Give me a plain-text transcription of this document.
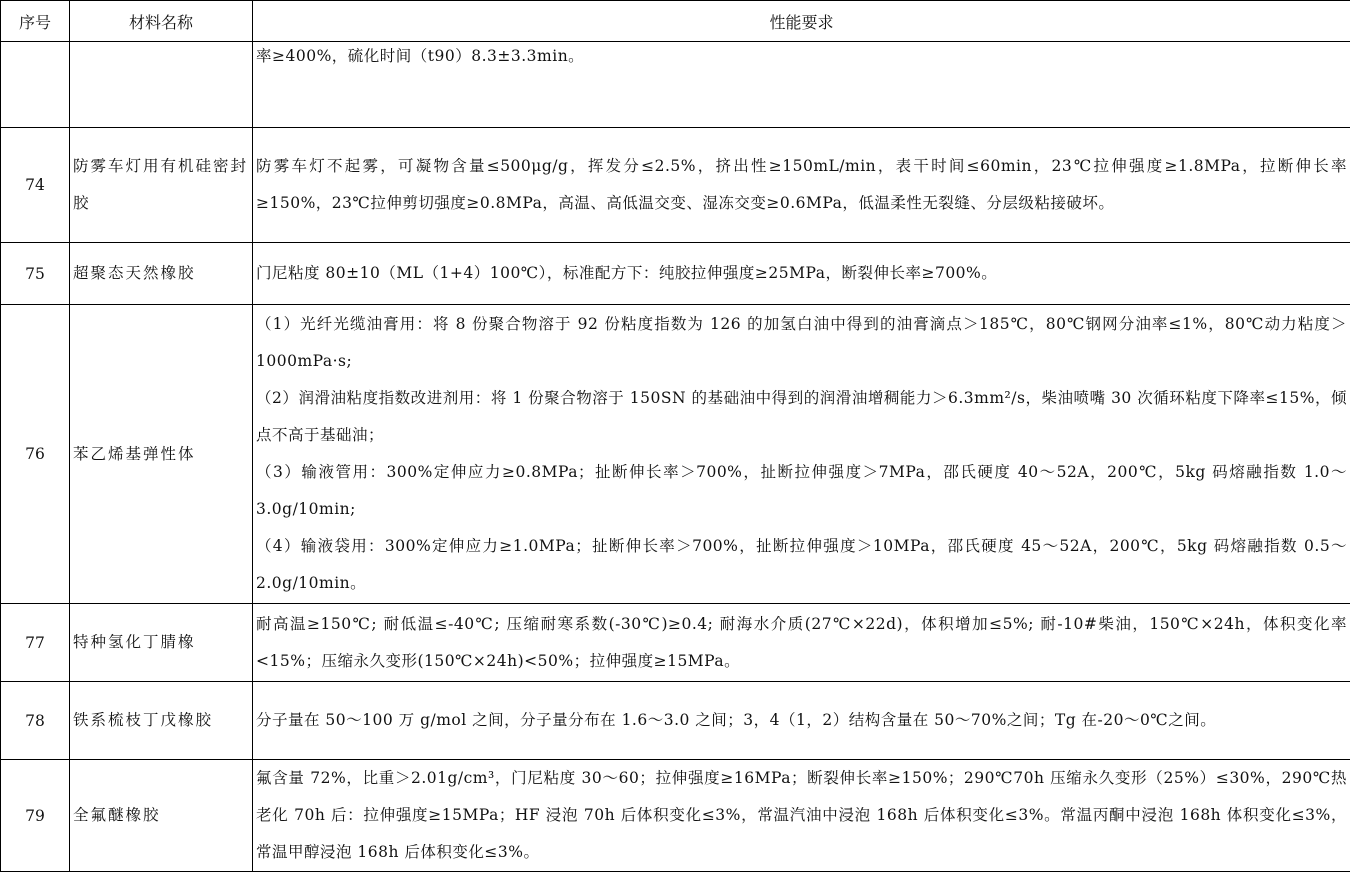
序号	材料名称	性能要求

		率≥400%，硫化时间（t90）8.3±3.3min。

74	防雾车灯用有机硅密封胶	防雾车灯不起雾，可凝物含量≤500μg/g，挥发分≤2.5%，挤出性≥150mL/min，表干时间≤60min，23℃拉伸强度≥1.8MPa，拉断伸长率≥150%，23℃拉伸剪切强度≥0.8MPa，高温、高低温交变、湿冻交变≥0.6MPa，低温柔性无裂缝、分层级粘接破坏。

75	超聚态天然橡胶	门尼粘度 80±10（ML（1+4）100℃），标准配方下：纯胶拉伸强度≥25MPa，断裂伸长率≥700%。

76	苯乙烯基弹性体	（1）光纤光缆油膏用：将 8 份聚合物溶于 92 份粘度指数为 126 的加氢白油中得到的油膏滴点＞185℃，80℃钢网分油率≤1%，80℃动力粘度＞1000mPa·s;
（2）润滑油粘度指数改进剂用：将 1 份聚合物溶于 150SN 的基础油中得到的润滑油增稠能力＞6.3mm²/s，柴油喷嘴 30 次循环粘度下降率≤15%，倾点不高于基础油；
（3）输液管用：300%定伸应力≥0.8MPa；扯断伸长率＞700%，扯断拉伸强度＞7MPa，邵氏硬度 40～52A，200℃，5kg 码熔融指数 1.0～3.0g/10min;
（4）输液袋用：300%定伸应力≥1.0MPa；扯断伸长率＞700%，扯断拉伸强度＞10MPa，邵氏硬度 45～52A，200℃，5kg 码熔融指数 0.5～2.0g/10min。

77	特种氢化丁腈橡	耐高温≥150℃; 耐低温≤-40℃; 压缩耐寒系数(-30℃)≥0.4; 耐海水介质(27℃×22d)，体积增加≤5%; 耐-10#柴油，150℃×24h，体积变化率<15%；压缩永久变形(150℃×24h)<50%；拉伸强度≥15MPa。

78	铁系梳枝丁戊橡胶	分子量在 50～100 万 g/mol 之间，分子量分布在 1.6～3.0 之间；3，4（1，2）结构含量在 50～70%之间；Tg 在-20～0℃之间。

79	全氟醚橡胶	氟含量 72%，比重＞2.01g/cm³，门尼粘度 30～60；拉伸强度≥16MPa；断裂伸长率≥150%；290℃70h 压缩永久变形（25%）≤30%，290℃热老化 70h 后：拉伸强度≥15MPa；HF 浸泡 70h 后体积变化≤3%，常温汽油中浸泡 168h 后体积变化≤3%。常温丙酮中浸泡 168h 体积变化≤3%，常温甲醇浸泡 168h 后体积变化≤3%。
